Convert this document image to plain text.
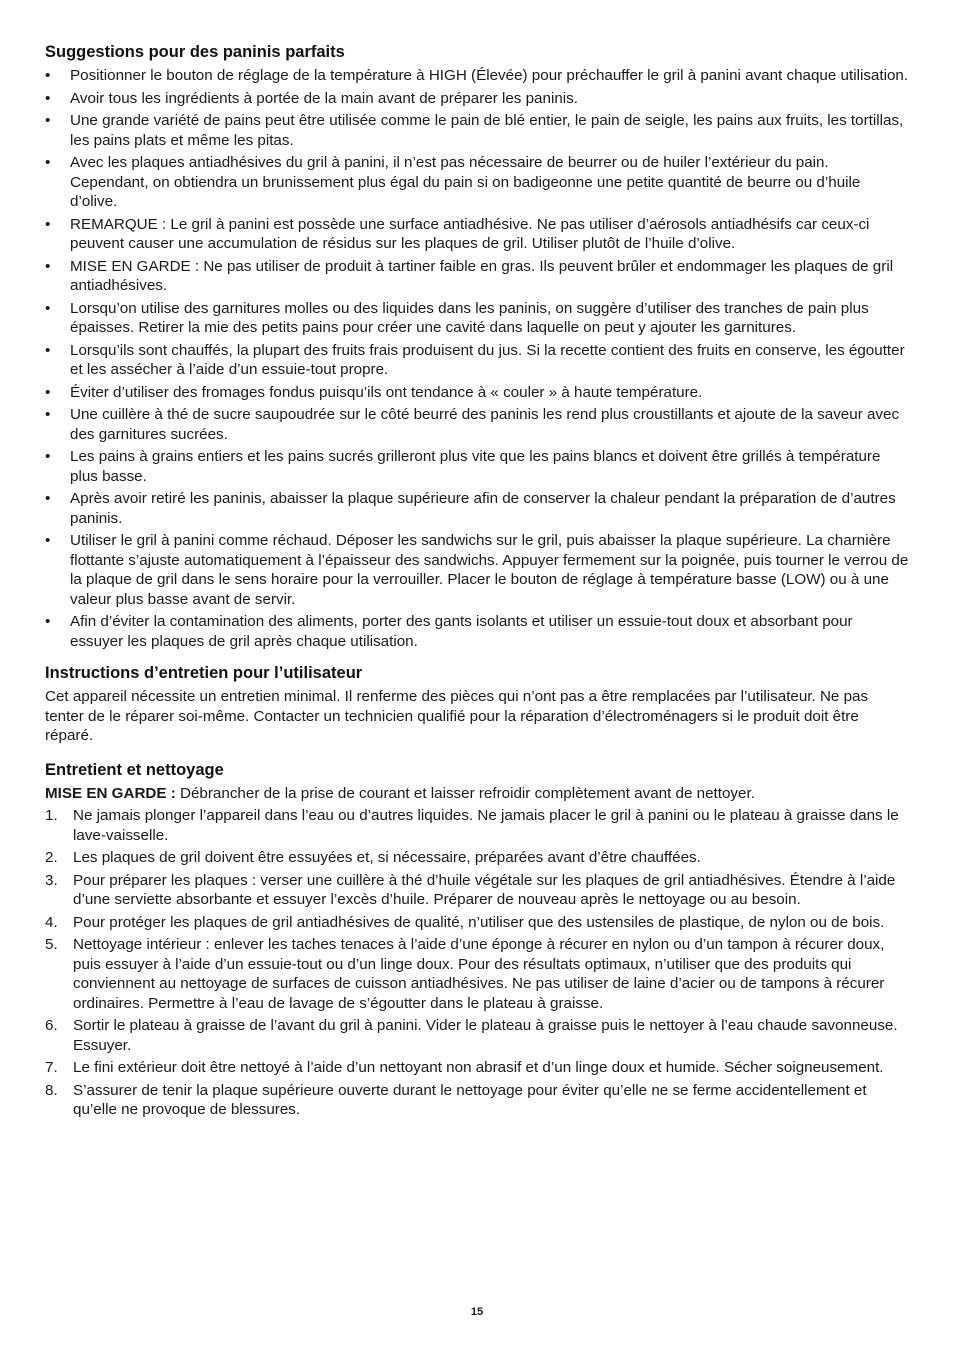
Suggestions pour des paninis parfaits
•	Positionner le bouton de réglage de la température à HIGH (Élevée) pour préchauffer le gril à panini avant chaque utilisation.
•	Avoir tous les ingrédients à portée de la main avant de préparer les paninis.
•	Une grande variété de pains peut être utilisée comme le pain de blé entier, le pain de seigle, les pains aux fruits, les tortillas, les pains plats et même les pitas.
•	Avec les plaques antiadhésives du gril à panini, il n’est pas nécessaire de beurrer ou de huiler l’extérieur du pain. Cependant, on obtiendra un brunissement plus égal du pain si on badigeonne une petite quantité de beurre ou d’huile d’olive.
•	REMARQUE : Le gril à panini est possède une surface antiadhésive. Ne pas utiliser d’aérosols antiadhésifs car ceux-ci peuvent causer une accumulation de résidus sur les plaques de gril. Utiliser plutôt de l’huile d’olive.
•	MISE EN GARDE : Ne pas utiliser de produit à tartiner faible en gras. Ils peuvent brûler et endommager les plaques de gril antiadhésives.
•	Lorsqu’on utilise des garnitures molles ou des liquides dans les paninis, on suggère d’utiliser des tranches de pain plus épaisses. Retirer la mie des petits pains pour créer une cavité dans laquelle on peut y ajouter les garnitures.
•	Lorsqu’ils sont chauffés, la plupart des fruits frais produisent du jus. Si la recette contient des fruits en conserve, les égoutter et les assécher à l’aide d’un essuie-tout propre.
•	Éviter d’utiliser des fromages fondus puisqu’ils ont tendance à « couler » à haute température.
•	Une cuillère à thé de sucre saupoudrée sur le côté beurré des paninis les rend plus croustillants et ajoute de la saveur avec des garnitures sucrées.
•	Les pains à grains entiers et les pains sucrés grilleront plus vite que les pains blancs et doivent être grillés à température plus basse.
•	Après avoir retiré les paninis, abaisser la plaque supérieure afin de conserver la chaleur pendant la préparation de d’autres paninis.
•	Utiliser le gril à panini comme réchaud. Déposer les sandwichs sur le gril, puis abaisser la plaque supérieure. La charnière flottante s’ajuste automatiquement à l’épaisseur des sandwichs. Appuyer fermement sur la poignée, puis tourner le verrou de la plaque de gril dans le sens horaire pour la verrouiller. Placer le bouton de réglage à température basse (LOW) ou à une valeur plus basse avant de servir.
•	Afin d’éviter la contamination des aliments, porter des gants isolants et utiliser un essuie-tout doux et absorbant pour essuyer les plaques de gril après chaque utilisation.
Instructions d’entretien pour l’utilisateur

Cet appareil nécessite un entretien minimal. Il renferme des pièces qui n’ont pas a être remplacées par l’utilisateur. Ne pas tenter de le réparer soi-même. Contacter un technicien qualifié pour la réparation d’électroménagers si le produit doit être réparé.

Entretient et nettoyage

MISE EN GARDE : Débrancher de la prise de courant et laisser refroidir complètement avant de nettoyer.

1.	Ne jamais plonger l’appareil dans l’eau ou d’autres liquides. Ne jamais placer le gril à panini ou le plateau à graisse dans le lave-vaisselle.
2.	Les plaques de gril doivent être essuyées et, si nécessaire, préparées avant d’être chauffées.
3.	Pour préparer les plaques : verser une cuillère à thé d’huile végétale sur les plaques de gril antiadhésives. Étendre à l’aide d’une serviette absorbante et essuyer l’excès d’huile. Préparer de nouveau après le nettoyage ou au besoin.
4.	Pour protéger les plaques de gril antiadhésives de qualité, n’utiliser que des ustensiles de plastique, de nylon ou de bois.
5.	Nettoyage intérieur : enlever les taches tenaces à l’aide d’une éponge à récurer en nylon ou d’un tampon à récurer doux, puis essuyer à l’aide d’un essuie-tout ou d’un linge doux. Pour des résultats optimaux, n’utiliser que des produits qui conviennent au nettoyage de surfaces de cuisson antiadhésives. Ne pas utiliser de laine d’acier ou de tampons à récurer ordinaires. Permettre à l’eau de lavage de s’égoutter dans le plateau à graisse.
6.	Sortir le plateau à graisse de l’avant du gril à panini. Vider le plateau à graisse puis le nettoyer à l’eau chaude savonneuse. Essuyer.
7.	Le fini extérieur doit être nettoyé à l’aide d’un nettoyant non abrasif et d’un linge doux et humide. Sécher soigneusement.
8.	S’assurer de tenir la plaque supérieure ouverte durant le nettoyage pour éviter qu’elle ne se ferme accidentellement et qu’elle ne provoque de blessures.
15
